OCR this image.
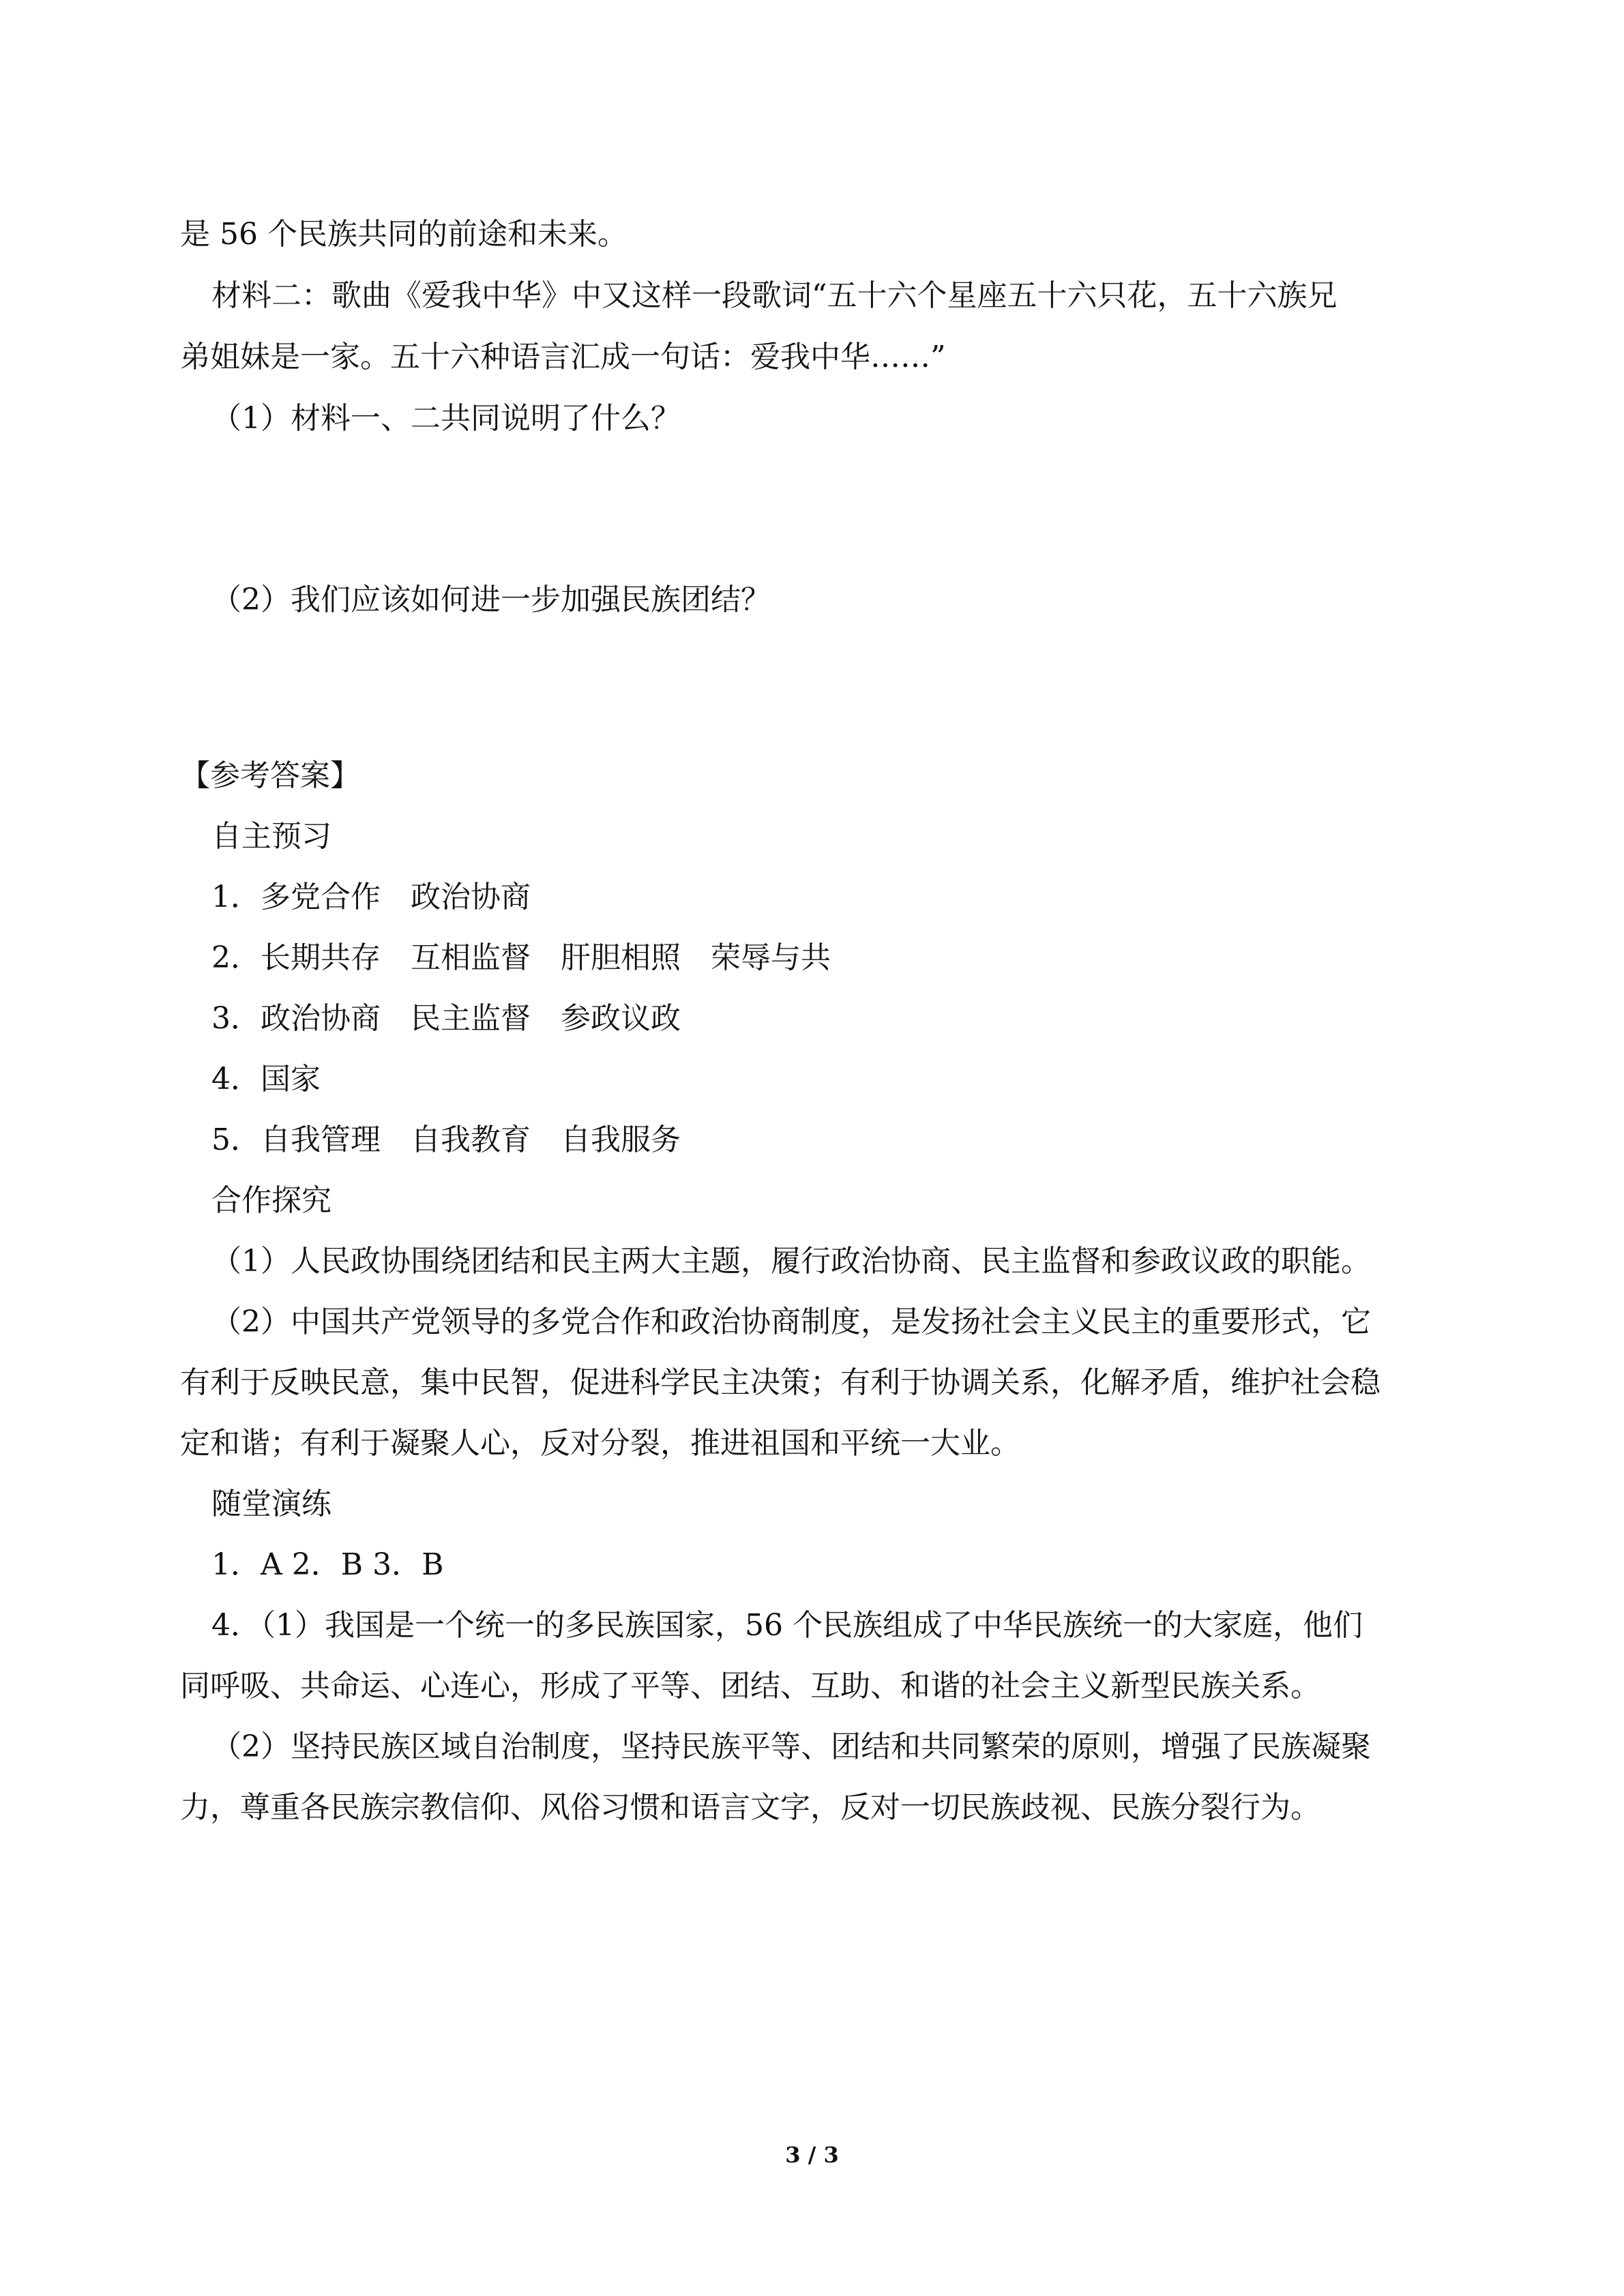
是 56 个民族共同的前途和未来。
材料二：歌曲《爱我中华》中又这样一段歌词“五十六个星座五十六只花，五十六族兄
弟姐妹是一家。五十六种语言汇成一句话：爱我中华……”
（1）材料一、二共同说明了什么？
（2）我们应该如何进一步加强民族团结？
【参考答案】
自主预习
1．多党合作　政治协商
2．长期共存　互相监督　肝胆相照　荣辱与共
3．政治协商　民主监督　参政议政
4．国家
5．自我管理　自我教育　自我服务
合作探究
（1）人民政协围绕团结和民主两大主题，履行政治协商、民主监督和参政议政的职能。
（2）中国共产党领导的多党合作和政治协商制度，是发扬社会主义民主的重要形式，它
有利于反映民意，集中民智，促进科学民主决策；有利于协调关系，化解矛盾，维护社会稳
定和谐；有利于凝聚人心，反对分裂，推进祖国和平统一大业。
随堂演练
1．A 2．B 3．B
4．（1）我国是一个统一的多民族国家，56 个民族组成了中华民族统一的大家庭，他们
同呼吸、共命运、心连心，形成了平等、团结、互助、和谐的社会主义新型民族关系。
（2）坚持民族区域自治制度，坚持民族平等、团结和共同繁荣的原则，增强了民族凝聚
力，尊重各民族宗教信仰、风俗习惯和语言文字，反对一切民族歧视、民族分裂行为。
3 / 3
